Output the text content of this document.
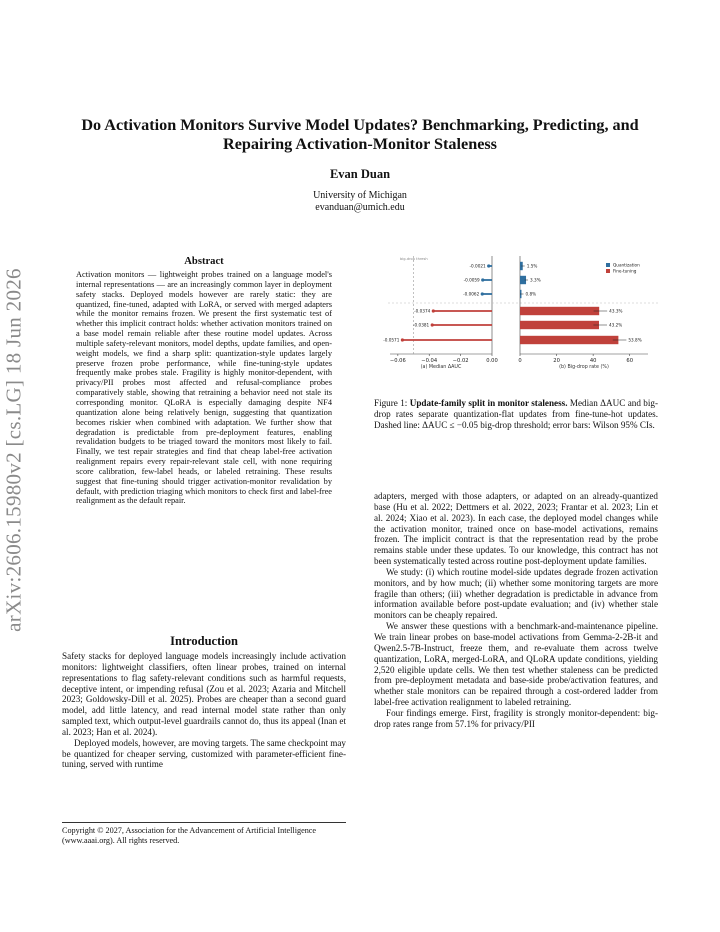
arXiv:2606.15980v2 [cs.LG] 18 Jun 2026
Do Activation Monitors Survive Model Updates? Benchmarking, Predicting, and Repairing Activation-Monitor Staleness
Evan Duan
University of Michigan
evanduan@umich.edu
Abstract
Activation monitors — lightweight probes trained on a language model's internal representations — are an increasingly common layer in deployment safety stacks. Deployed models however are rarely static: they are quantized, fine-tuned, adapted with LoRA, or served with merged adapters while the monitor remains frozen. We present the first systematic test of whether this implicit contract holds: whether activation monitors trained on a base model remain reliable after these routine model updates. Across multiple safety-relevant monitors, model depths, update families, and open-weight models, we find a sharp split: quantization-style updates largely preserve frozen probe performance, while fine-tuning-style updates frequently make probes stale. Fragility is highly monitor-dependent, with privacy/PII probes most affected and refusal-compliance probes comparatively stable, showing that retraining a behavior need not stale its corresponding monitor. QLoRA is especially damaging despite NF4 quantization alone being relatively benign, suggesting that quantization becomes riskier when combined with adaptation. We further show that degradation is predictable from pre-deployment features, enabling revalidation budgets to be triaged toward the monitors most likely to fail. Finally, we test repair strategies and find that cheap label-free activation realignment repairs every repair-relevant stale cell, with none requiring score calibration, few-label heads, or labeled retraining. These results suggest that fine-tuning should trigger activation-monitor revalidation by default, with prediction triaging which monitors to check first and label-free realignment as the default repair.
Introduction

Safety stacks for deployed language models increasingly include activation monitors: lightweight classifiers, often linear probes, trained on internal representations to flag safety-relevant conditions such as harmful requests, deceptive intent, or impending refusal (Zou et al. 2023; Azaria and Mitchell 2023; Goldowsky-Dill et al. 2025). Probes are cheaper than a second guard model, add little latency, and read internal model state rather than only sampled text, which output-level guardrails cannot do, thus its appeal (Inan et al. 2023; Han et al. 2024).

Deployed models, however, are moving targets. The same checkpoint may be quantized for cheaper serving, customized with parameter-efficient fine-tuning, served with runtime

Copyright © 2027, Association for the Advancement of Artificial Intelligence (www.aaai.org). All rights reserved.
big-drop thresh
-0.0021
-0.0059
-0.0062
-0.0374
-0.0381
-0.0571
−0.06	−0.04	−0.02	0.00
(a) Median ΔAUC
1.5%
3.3%
0.8%
43.3%
43.2%
53.8%
0	20	40	60
(b) Big-drop rate (%)
Quantization
Fine-tuning
Figure 1: Update-family split in monitor staleness. Median ΔAUC and big-drop rates separate quantization-flat updates from fine-tune-hot updates. Dashed line: ΔAUC ≤ −0.05 big-drop threshold; error bars: Wilson 95% CIs.

adapters, merged with those adapters, or adapted on an already-quantized base (Hu et al. 2022; Dettmers et al. 2022, 2023; Frantar et al. 2023; Lin et al. 2024; Xiao et al. 2023). In each case, the deployed model changes while the activation monitor, trained once on base-model activations, remains frozen. The implicit contract is that the representation read by the probe remains stable under these updates. To our knowledge, this contract has not been systematically tested across routine post-deployment update families.

We study: (i) which routine model-side updates degrade frozen activation monitors, and by how much; (ii) whether some monitoring targets are more fragile than others; (iii) whether degradation is predictable in advance from information available before post-update evaluation; and (iv) whether stale monitors can be cheaply repaired.

We answer these questions with a benchmark-and-maintenance pipeline. We train linear probes on base-model activations from Gemma-2-2B-it and Qwen2.5-7B-Instruct, freeze them, and re-evaluate them across twelve quantization, LoRA, merged-LoRA, and QLoRA update conditions, yielding 2,520 eligible update cells. We then test whether staleness can be predicted from pre-deployment metadata and base-side probe/activation features, and whether stale monitors can be repaired through a cost-ordered ladder from label-free activation realignment to labeled retraining.

Four findings emerge. First, fragility is strongly monitor-dependent: big-drop rates range from 57.1% for privacy/PII
